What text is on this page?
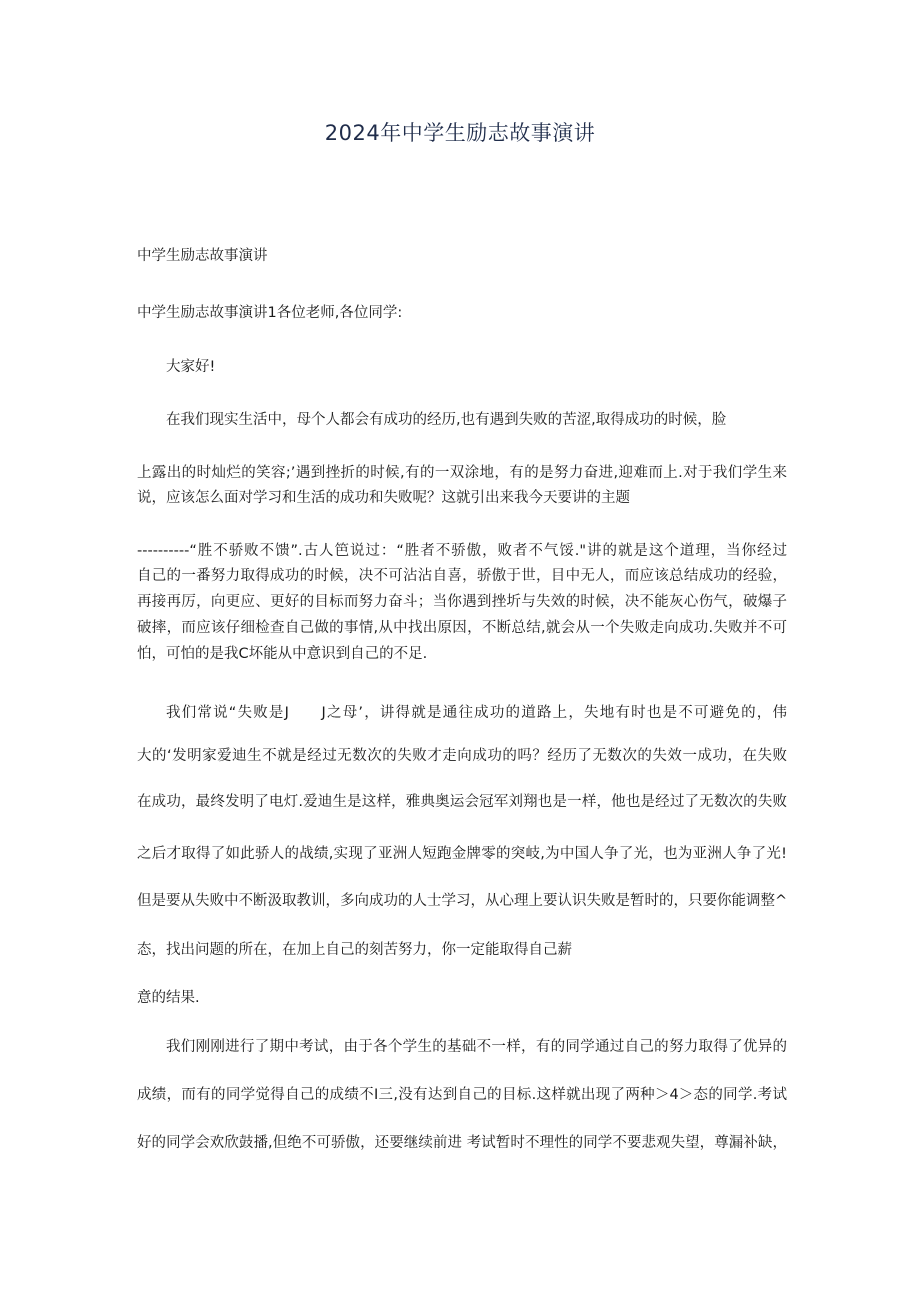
2024年中学生励志故事演讲
中学生励志故事演讲
中学生励志故事演讲1各位老师,各位同学:
大家好!
在我们现实生活中，母个人都会有成功的经历,也有遇到失败的苦涩,取得成功的时候，脸
上露出的时灿烂的笑容;’遇到挫折的时候,有的一双涂地，有的是努力奋进,迎难而上.对于我们学生来
说，应该怎么面对学习和生活的成功和失败呢？这就引出来我今天要讲的主题
----------“胜不骄败不馈”.古人笆说过：“胜者不骄傲，败者不气馁."讲的就是这个道理，当你经过
自己的一番努力取得成功的时候，决不可沾沾自喜，骄傲于世，目中无人，而应该总结成功的经验，
再接再厉，向更应、更好的目标而努力奋斗；当你遇到挫圻与失效的时候，决不能灰心伤气，破爆子
破摔，而应该仔细检查自己做的事情,从中找出原因，不断总结,就会从一个失败走向成功.失败并不可
怕，可怕的是我C坏能从中意识到自己的不足.
我们常说“失败是J　　J之母’，讲得就是通往成功的道路上，失地有时也是不可避免的，伟
大的‘发明家爱迪生不就是经过无数次的失败才走向成功的吗？经历了无数次的失效一成功，在失败
在成功，最终发明了电灯.爱迪生是这样，雅典奥运会冠军刘翔也是一样，他也是经过了无数次的失败
之后才取得了如此骄人的战绩,实现了亚洲人短跑金牌零的突岐,为中国人争了光，也为亚洲人争了光!
但是要从失败中不断汲取教训，多向成功的人士学习，从心理上要认识失败是暂时的，只要你能调整^
态，找出问题的所在，在加上自己的刻苦努力，你一定能取得自己薪
意的结果.
我们刚刚进行了期中考试，由于各个学生的基础不一样，有的同学通过自己的努力取得了优异的
成绩，而有的同学觉得自己的成绩不I三,没有达到自己的目标.这样就出现了两种＞4＞态的同学.考试
好的同学会欢欣鼓播,但绝不可骄傲，还要继续前进 考试暂时不理性的同学不要悲观失望，尊漏补缺，
